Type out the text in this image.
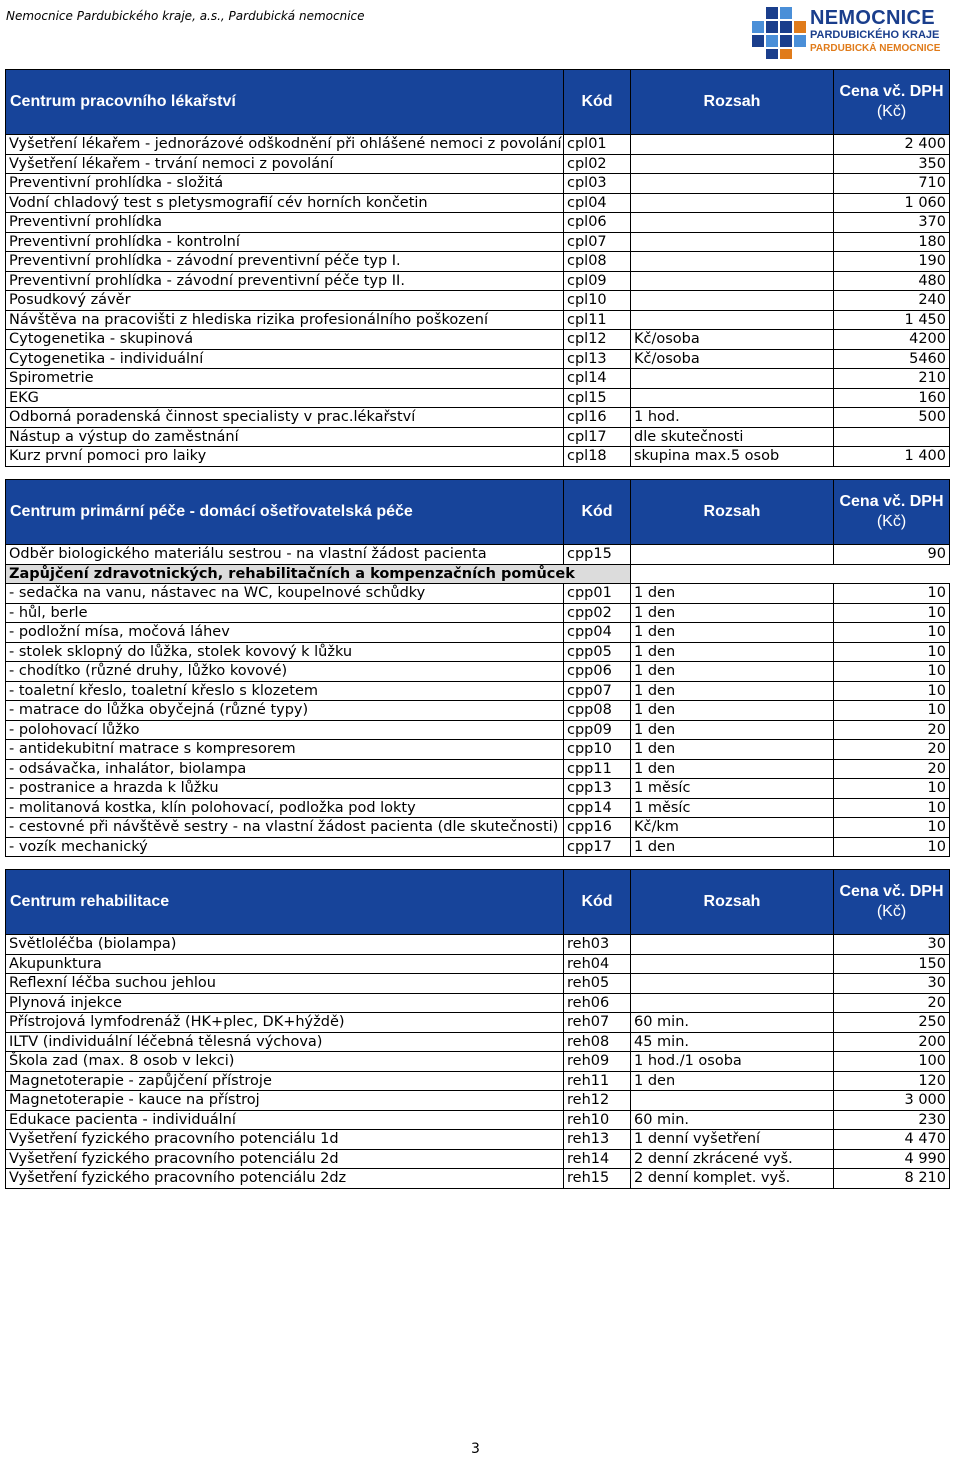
Nemocnice Pardubického kraje, a.s., Pardubická nemocnice	NEMOCNICE
PARDUBICKÉHO KRAJE
PARDUBICKÁ NEMOCNICE
Centrum pracovního lékařství	Kód	Rozsah	Cena vč. DPH
(Kč)
Vyšetření lékařem - jednorázové odškodnění při ohlášené nemoci z povolání	cpl01		2 400
Vyšetření lékařem - trvání nemoci z povolání	cpl02		350
Preventivní prohlídka - složitá	cpl03		710
Vodní chladový test s pletysmografií cév horních končetin	cpl04		1 060
Preventivní prohlídka	cpl06		370
Preventivní prohlídka - kontrolní	cpl07		180
Preventivní prohlídka - závodní preventivní péče typ I.	cpl08		190
Preventivní prohlídka - závodní preventivní péče typ II.	cpl09		480
Posudkový závěr	cpl10		240
Návštěva na pracovišti z hlediska rizika profesionálního poškození	cpl11		1 450
Cytogenetika - skupinová	cpl12	Kč/osoba	4200
Cytogenetika - individuální	cpl13	Kč/osoba	5460
Spirometrie	cpl14		210
EKG	cpl15		160
Odborná poradenská činnost specialisty v prac.lékařství	cpl16	1 hod.	500
Nástup a výstup do zaměstnání	cpl17	dle skutečnosti	
Kurz první pomoci pro laiky	cpl18	skupina max.5 osob	1 400
Centrum primární péče - domácí ošetřovatelská péče	Kód	Rozsah	Cena vč. DPH
(Kč)
Odběr biologického materiálu sestrou - na vlastní žádost pacienta	cpp15		90
Zapůjčení zdravotnických, rehabilitačních a kompenzačních pomůcek			
- sedačka na vanu, nástavec na WC, koupelnové schůdky	cpp01	1 den	10
- hůl, berle	cpp02	1 den	10
- podložní mísa, močová láhev	cpp04	1 den	10
- stolek sklopný do lůžka, stolek kovový k lůžku	cpp05	1 den	10
- chodítko (různé druhy, lůžko kovové)	cpp06	1 den	10
- toaletní křeslo, toaletní křeslo s klozetem	cpp07	1 den	10
- matrace do lůžka obyčejná (různé typy)	cpp08	1 den	10
- polohovací lůžko	cpp09	1 den	20
- antidekubitní matrace s kompresorem	cpp10	1 den	20
- odsávačka, inhalátor, biolampa	cpp11	1 den	20
- postranice a hrazda k lůžku	cpp13	1 měsíc	10
- molitanová kostka, klín polohovací, podložka pod lokty	cpp14	1 měsíc	10
- cestovné při návštěvě sestry - na vlastní žádost pacienta (dle skutečnosti)	cpp16	Kč/km	10
- vozík mechanický	cpp17	1 den	10
Centrum rehabilitace	Kód	Rozsah	Cena vč. DPH
(Kč)
Světloléčba (biolampa)	reh03		30
Akupunktura	reh04		150
Reflexní léčba suchou jehlou	reh05		30
Plynová injekce	reh06		20
Přístrojová lymfodrenáž (HK+plec, DK+hýždě)	reh07	60 min.	250
ILTV (individuální léčebná tělesná výchova)	reh08	45 min.	200
Škola zad (max. 8 osob v lekci)	reh09	1 hod./1 osoba	100
Magnetoterapie - zapůjčení přístroje	reh11	1 den	120
Magnetoterapie - kauce na přístroj	reh12		3 000
Edukace pacienta - individuální	reh10	60 min.	230
Vyšetření fyzického pracovního potenciálu 1d	reh13	1 denní vyšetření	4 470
Vyšetření fyzického pracovního potenciálu 2d	reh14	2 denní zkrácené vyš.	4 990
Vyšetření fyzického pracovního potenciálu 2dz	reh15	2 denní komplet. vyš.	8 210
3
